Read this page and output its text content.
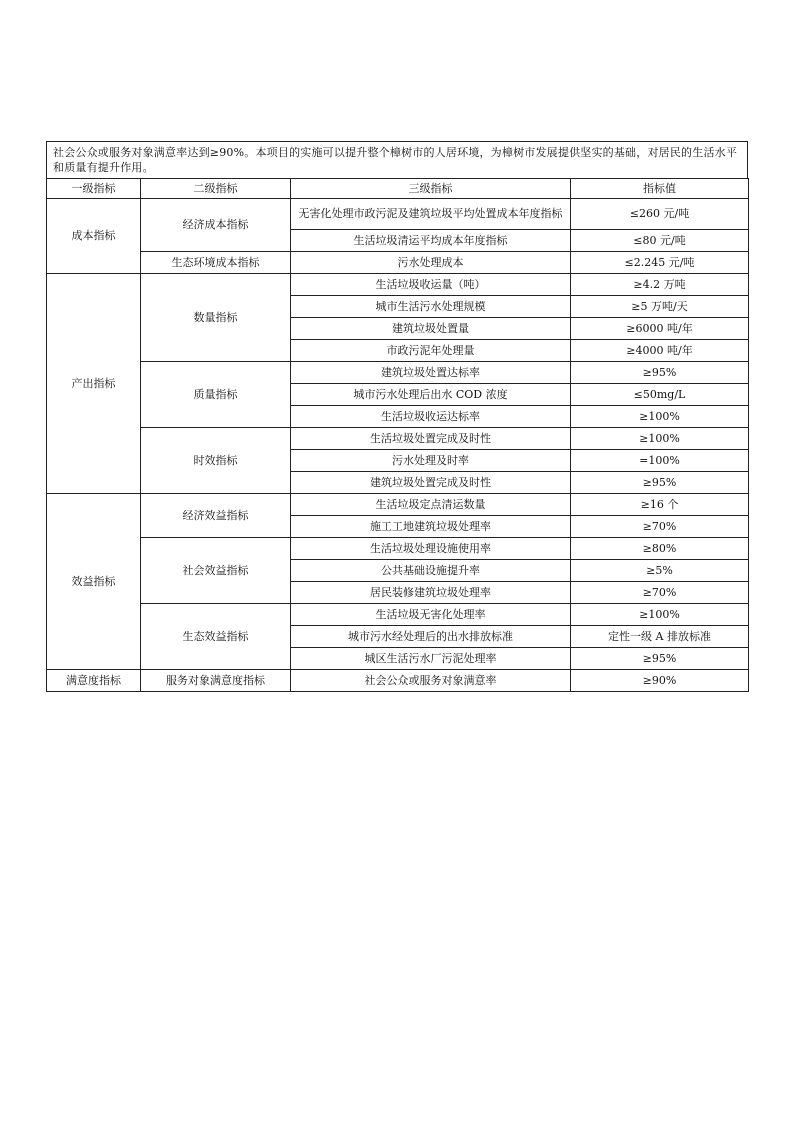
社会公众或服务对象满意率达到≥90%。本项目的实施可以提升整个樟树市的人居环境，为樟树市发展提供坚实的基础，对居民的生活水平和质量有提升作用。
一级指标	二级指标	三级指标	指标值
成本指标	经济成本指标	无害化处理市政污泥及建筑垃圾平均处置成本年度指标	≤260 元/吨
		生活垃圾清运平均成本年度指标	≤80 元/吨
	生态环境成本指标	污水处理成本	≤2.245 元/吨
产出指标	数量指标	生活垃圾收运量（吨）	≥4.2 万吨
		城市生活污水处理规模	≥5 万吨/天
		建筑垃圾处置量	≥6000 吨/年
		市政污泥年处理量	≥4000 吨/年
	质量指标	建筑垃圾处置达标率	≥95%
		城市污水处理后出水 COD 浓度	≤50mg/L
		生活垃圾收运达标率	≥100%
	时效指标	生活垃圾处置完成及时性	≥100%
		污水处理及时率	=100%
		建筑垃圾处置完成及时性	≥95%
效益指标	经济效益指标	生活垃圾定点清运数量	≥16 个
		施工工地建筑垃圾处理率	≥70%
	社会效益指标	生活垃圾处理设施使用率	≥80%
		公共基础设施提升率	≥5%
		居民装修建筑垃圾处理率	≥70%
	生态效益指标	生活垃圾无害化处理率	≥100%
		城市污水经处理后的出水排放标准	定性一级 A 排放标准
		城区生活污水厂污泥处理率	≥95%
满意度指标	服务对象满意度指标	社会公众或服务对象满意率	≥90%
